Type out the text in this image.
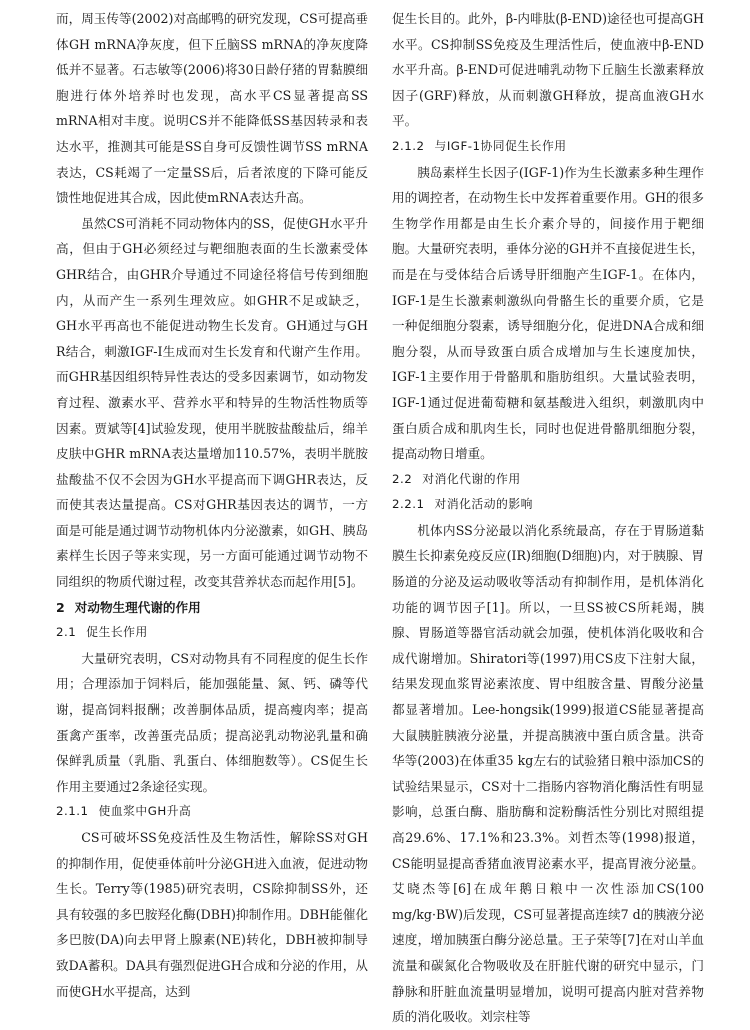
而，周玉传等(2002)对高邮鸭的研究发现，CS可提高垂体GH mRNA净灰度，但下丘脑SS mRNA的净灰度降低并不显著。石志敏等(2006)将30日龄仔猪的胃黏膜细胞进行体外培养时也发现，高水平CS显著提高SS mRNA相对丰度。说明CS并不能降低SS基因转录和表达水平，推测其可能是SS自身可反馈性调节SS mRNA表达，CS耗竭了一定量SS后，后者浓度的下降可能反馈性地促进其合成，因此使mRNA表达升高。

虽然CS可消耗不同动物体内的SS，促使GH水平升高，但由于GH必须经过与靶细胞表面的生长激素受体GHR结合，由GHR介导通过不同途径将信号传到细胞内，从而产生一系列生理效应。如GHR不足或缺乏，GH水平再高也不能促进动物生长发育。GH通过与GH R结合，刺激IGF-I生成而对生长发育和代谢产生作用。而GHR基因组织特异性表达的受多因素调节，如动物发育过程、激素水平、营养水平和特异的生物活性物质等因素。贾斌等[4]试验发现，使用半胱胺盐酸盐后，绵羊皮肤中GHR mRNA表达量增加110.57%，表明半胱胺盐酸盐不仅不会因为GH水平提高而下调GHR表达，反而使其表达量提高。CS对GHR基因表达的调节，一方面是可能是通过调节动物机体内分泌激素，如GH、胰岛素样生长因子等来实现，另一方面可能通过调节动物不同组织的物质代谢过程，改变其营养状态而起作用[5]。

2 对动物生理代谢的作用
2.1 促生长作用

大量研究表明，CS对动物具有不同程度的促生长作用；合理添加于饲料后，能加强能量、氮、钙、磷等代谢，提高饲料报酬；改善胴体品质，提高瘦肉率；提高蛋禽产蛋率，改善蛋壳品质；提高泌乳动物泌乳量和确保鲜乳质量（乳脂、乳蛋白、体细胞数等）。CS促生长作用主要通过2条途径实现。

2.1.1 使血浆中GH升高

CS可破坏SS免疫活性及生物活性，解除SS对GH的抑制作用，促使垂体前叶分泌GH进入血液，促进动物生长。Terry等(1985)研究表明，CS除抑制SS外，还具有较强的多巴胺羟化酶(DBH)抑制作用。DBH能催化多巴胺(DA)向去甲肾上腺素(NE)转化，DBH被抑制导致DA蓄积。DA具有强烈促进GH合成和分泌的作用，从而使GH水平提高，达到

促生长目的。此外，β-内啡肽(β-END)途径也可提高GH水平。CS抑制SS免疫及生理活性后，使血液中β-END水平升高。β-END可促进哺乳动物下丘脑生长激素释放因子(GRF)释放，从而刺激GH释放，提高血液GH水平。

2.1.2 与IGF-1协同促生长作用

胰岛素样生长因子(IGF-1)作为生长激素多种生理作用的调控者，在动物生长中发挥着重要作用。GH的很多生物学作用都是由生长介素介导的，间接作用于靶细胞。大量研究表明，垂体分泌的GH并不直接促进生长，而是在与受体结合后诱导肝细胞产生IGF-1。在体内，IGF-1是生长激素刺激纵向骨骼生长的重要介质，它是一种促细胞分裂素，诱导细胞分化，促进DNA合成和细胞分裂，从而导致蛋白质合成增加与生长速度加快，IGF-1主要作用于骨骼肌和脂肪组织。大量试验表明，IGF-1通过促进葡萄糖和氨基酸进入组织，刺激肌肉中蛋白质合成和肌肉生长，同时也促进骨骼肌细胞分裂，提高动物日增重。

2.2 对消化代谢的作用
2.2.1 对消化活动的影响

机体内SS分泌最以消化系统最高，存在于胃肠道黏膜生长抑素免疫反应(IR)细胞(D细胞)内，对于胰腺、胃肠道的分泌及运动吸收等活动有抑制作用，是机体消化功能的调节因子[1]。所以，一旦SS被CS所耗竭，胰腺、胃肠道等器官活动就会加强，使机体消化吸收和合成代谢增加。Shiratori等(1997)用CS皮下注射大鼠，结果发现血浆胃泌素浓度、胃中组胺含量、胃酸分泌量都显著增加。Lee-hongsik(1999)报道CS能显著提高大鼠胰脏胰液分泌量，并提高胰液中蛋白质含量。洪奇华等(2003)在体重35 kg左右的试验猪日粮中添加CS的试验结果显示，CS对十二指肠内容物消化酶活性有明显影响，总蛋白酶、脂肪酶和淀粉酶活性分别比对照组提高29.6%、17.1%和23.3%。刘哲杰等(1998)报道，CS能明显提高香猪血液胃泌素水平，提高胃液分泌量。艾晓杰等[6]在成年鹅日粮中一次性添加CS(100 mg/kg·BW)后发现，CS可显著提高连续7 d的胰液分泌速度，增加胰蛋白酶分泌总量。王子荣等[7]在对山羊血流量和碳氮化合物吸收及在肝脏代谢的研究中显示，门静脉和肝脏血流量明显增加，说明可提高内脏对营养物质的消化吸收。刘宗柱等
